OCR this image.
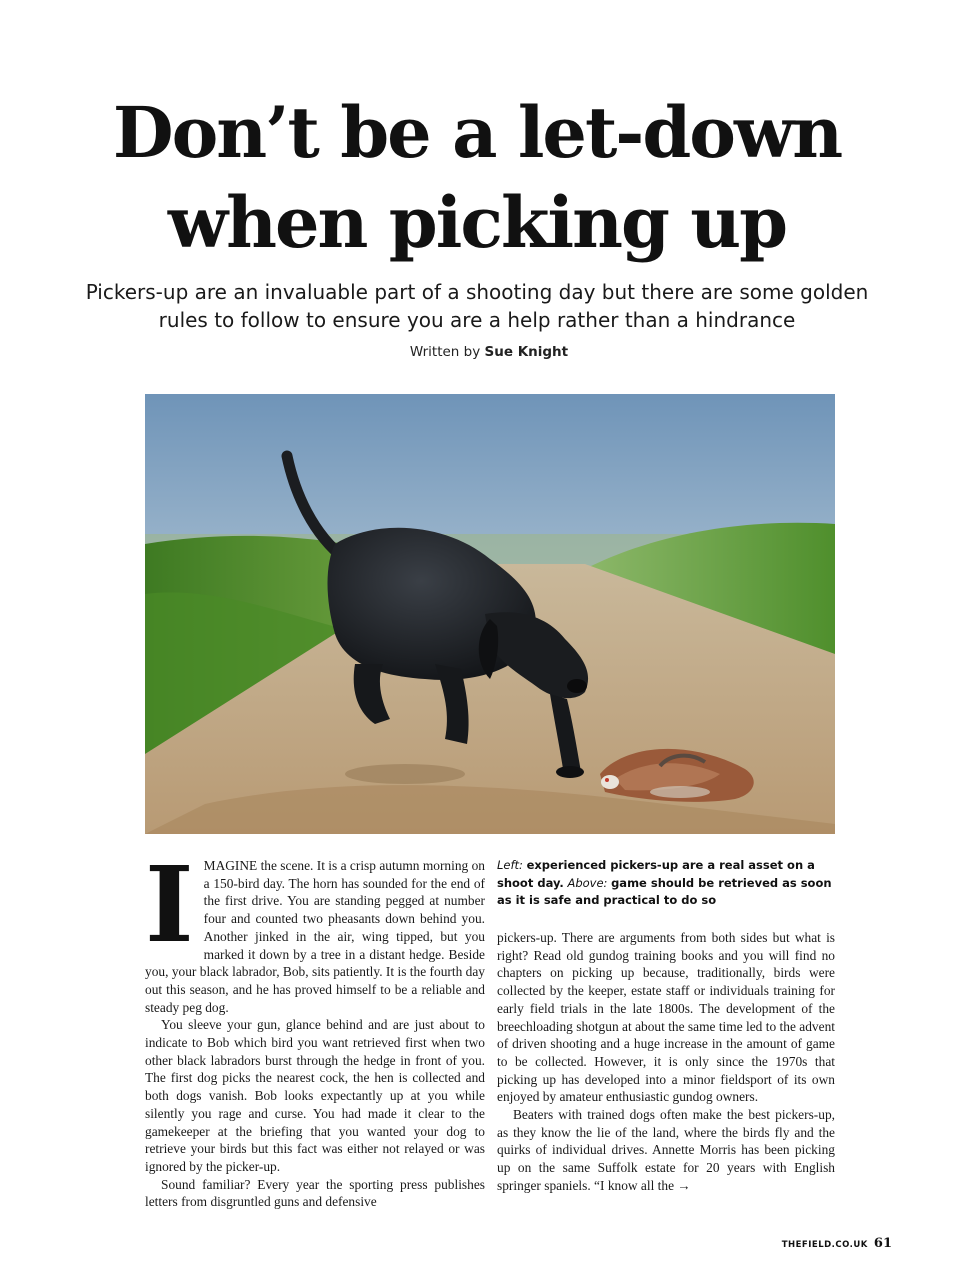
Don’t be a let-down when picking up

Pickers-up are an invaluable part of a shooting day but there are some golden rules to follow to ensure you are a help rather than a hindrance

Written by Sue Knight

IMAGINE the scene. It is a crisp autumn morning on a 150-bird day. The horn has sounded for the end of the first drive. You are standing pegged at number four and counted two pheasants down behind you. Another jinked in the air, wing tipped, but you marked it down by a tree in a distant hedge. Beside you, your black labrador, Bob, sits patiently. It is the fourth day out this season, and he has proved himself to be a reliable and steady peg dog.

You sleeve your gun, glance behind and are just about to indicate to Bob which bird you want retrieved first when two other black labradors burst through the hedge in front of you. The first dog picks the nearest cock, the hen is collected and both dogs vanish. Bob looks expectantly up at you while silently you rage and curse. You had made it clear to the gamekeeper at the briefing that you wanted your dog to retrieve your birds but this fact was either not relayed or was ignored by the picker-up.

Sound familiar? Every year the sporting press publishes letters from disgruntled guns and defensive

Left: experienced pickers-up are a real asset on a shoot day. Above: game should be retrieved as soon as it is safe and practical to do so

pickers-up. There are arguments from both sides but what is right? Read old gundog training books and you will find no chapters on picking up because, traditionally, birds were collected by the keeper, estate staff or individuals training for early field trials in the late 1800s. The development of the breechloading shotgun at about the same time led to the advent of driven shooting and a huge increase in the amount of game to be collected. However, it is only since the 1970s that picking up has developed into a minor fieldsport of its own enjoyed by amateur enthusiastic gundog owners.

Beaters with trained dogs often make the best pickers-up, as they know the lie of the land, where the birds fly and the quirks of individual drives. Annette Morris has been picking up on the same Suffolk estate for 20 years with English springer spaniels. “I know all the →

THEFIELD.CO.UK 61
